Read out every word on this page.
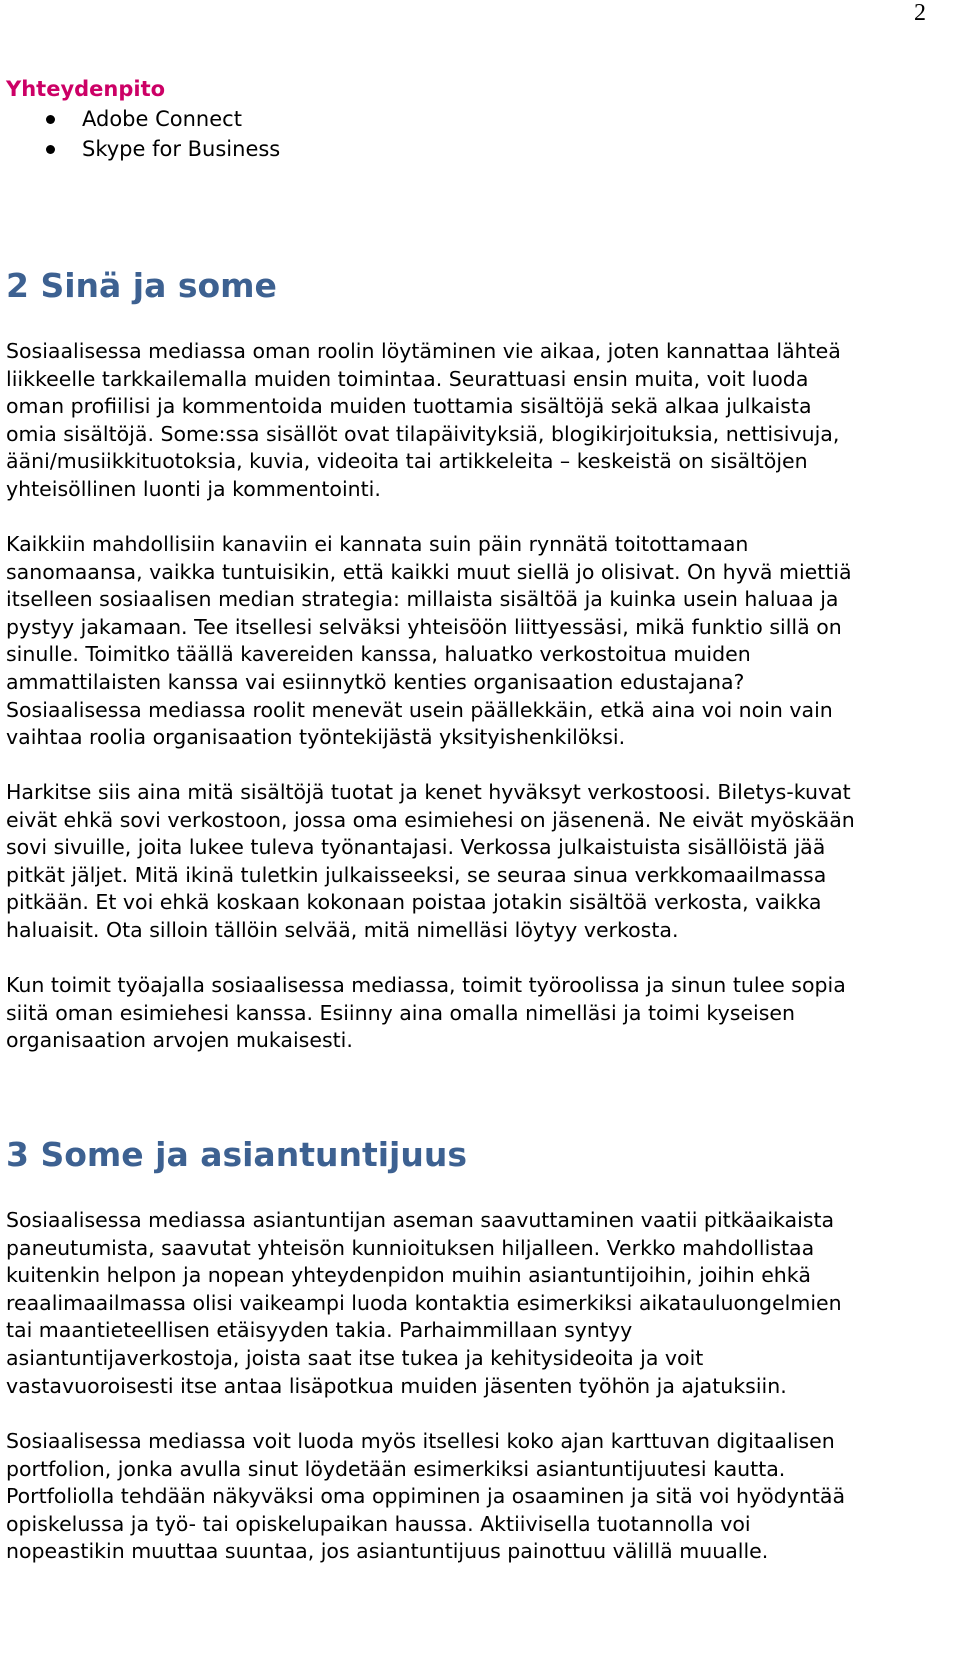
2
Yhteydenpito
Adobe Connect
Skype for Business
2 Sinä ja some

Sosiaalisessa mediassa oman roolin löytäminen vie aikaa, joten kannattaa lähteä
liikkeelle tarkkailemalla muiden toimintaa. Seurattuasi ensin muita, voit luoda
oman profiilisi ja kommentoida muiden tuottamia sisältöjä sekä alkaa julkaista
omia sisältöjä. Some:ssa sisällöt ovat tilapäivityksiä, blogikirjoituksia, nettisivuja,
ääni/musiikkituotoksia, kuvia, videoita tai artikkeleita – keskeistä on sisältöjen
yhteisöllinen luonti ja kommentointi.

Kaikkiin mahdollisiin kanaviin ei kannata suin päin rynnätä toitottamaan
sanomaansa, vaikka tuntuisikin, että kaikki muut siellä jo olisivat. On hyvä miettiä
itselleen sosiaalisen median strategia: millaista sisältöä ja kuinka usein haluaa ja
pystyy jakamaan. Tee itsellesi selväksi yhteisöön liittyessäsi, mikä funktio sillä on
sinulle. Toimitko täällä kavereiden kanssa, haluatko verkostoitua muiden
ammattilaisten kanssa vai esiinnytkö kenties organisaation edustajana?
Sosiaalisessa mediassa roolit menevät usein päällekkäin, etkä aina voi noin vain
vaihtaa roolia organisaation työntekijästä yksityishenkilöksi.

Harkitse siis aina mitä sisältöjä tuotat ja kenet hyväksyt verkostoosi. Biletys-kuvat
eivät ehkä sovi verkostoon, jossa oma esimiehesi on jäsenenä. Ne eivät myöskään
sovi sivuille, joita lukee tuleva työnantajasi. Verkossa julkaistuista sisällöistä jää
pitkät jäljet. Mitä ikinä tuletkin julkaisseeksi, se seuraa sinua verkkomaailmassa
pitkään. Et voi ehkä koskaan kokonaan poistaa jotakin sisältöä verkosta, vaikka
haluaisit. Ota silloin tällöin selvää, mitä nimelläsi löytyy verkosta.

Kun toimit työajalla sosiaalisessa mediassa, toimit työroolissa ja sinun tulee sopia
siitä oman esimiehesi kanssa. Esiinny aina omalla nimelläsi ja toimi kyseisen
organisaation arvojen mukaisesti.

3 Some ja asiantuntijuus

Sosiaalisessa mediassa asiantuntijan aseman saavuttaminen vaatii pitkäaikaista
paneutumista, saavutat yhteisön kunnioituksen hiljalleen. Verkko mahdollistaa
kuitenkin helpon ja nopean yhteydenpidon muihin asiantuntijoihin, joihin ehkä
reaalimaailmassa olisi vaikeampi luoda kontaktia esimerkiksi aikatauluongelmien
tai maantieteellisen etäisyyden takia. Parhaimmillaan syntyy
asiantuntijaverkostoja, joista saat itse tukea ja kehitysideoita ja voit
vastavuoroisesti itse antaa lisäpotkua muiden jäsenten työhön ja ajatuksiin.

Sosiaalisessa mediassa voit luoda myös itsellesi koko ajan karttuvan digitaalisen
portfolion, jonka avulla sinut löydetään esimerkiksi asiantuntijuutesi kautta.
Portfoliolla tehdään näkyväksi oma oppiminen ja osaaminen ja sitä voi hyödyntää
opiskelussa ja työ- tai opiskelupaikan haussa. Aktiivisella tuotannolla voi
nopeastikin muuttaa suuntaa, jos asiantuntijuus painottuu välillä muualle.
